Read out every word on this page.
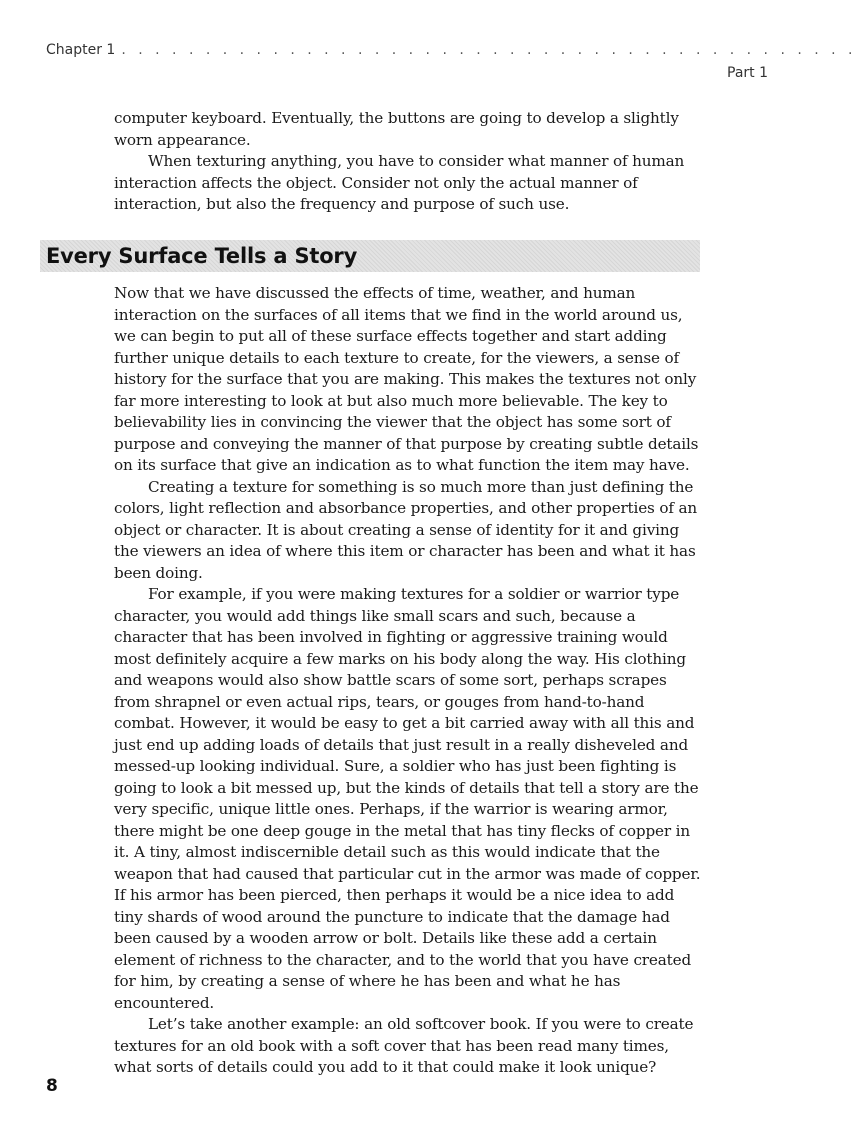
Chapter 1 . . . . . . . . . . . . . . . . . . . . . . . . . . . . . . . . . . . . . . . . . . . .
Part 1

computer keyboard. Eventually, the buttons are going to develop a slightly worn appearance.

When texturing anything, you have to consider what manner of human interaction affects the object. Consider not only the actual manner of interaction, but also the frequency and purpose of such use.

Every Surface Tells a Story

Now that we have discussed the effects of time, weather, and human interaction on the surfaces of all items that we find in the world around us, we can begin to put all of these surface effects together and start adding further unique details to each texture to create, for the viewers, a sense of history for the surface that you are making. This makes the textures not only far more interesting to look at but also much more believable. The key to believability lies in convincing the viewer that the object has some sort of purpose and conveying the manner of that purpose by creating subtle details on its surface that give an indication as to what function the item may have.

Creating a texture for something is so much more than just defining the colors, light reflection and absorbance properties, and other properties of an object or character. It is about creating a sense of identity for it and giving the viewers an idea of where this item or character has been and what it has been doing.

For example, if you were making textures for a soldier or warrior type character, you would add things like small scars and such, because a character that has been involved in fighting or aggressive training would most definitely acquire a few marks on his body along the way. His clothing and weapons would also show battle scars of some sort, perhaps scrapes from shrapnel or even actual rips, tears, or gouges from hand-to-hand combat. However, it would be easy to get a bit carried away with all this and just end up adding loads of details that just result in a really disheveled and messed-up looking individual. Sure, a soldier who has just been fighting is going to look a bit messed up, but the kinds of details that tell a story are the very specific, unique little ones. Perhaps, if the warrior is wearing armor, there might be one deep gouge in the metal that has tiny flecks of copper in it. A tiny, almost indiscernible detail such as this would indicate that the weapon that had caused that particular cut in the armor was made of copper. If his armor has been pierced, then perhaps it would be a nice idea to add tiny shards of wood around the puncture to indicate that the damage had been caused by a wooden arrow or bolt. Details like these add a certain element of richness to the character, and to the world that you have created for him, by creating a sense of where he has been and what he has encountered.

Let’s take another example: an old softcover book. If you were to create textures for an old book with a soft cover that has been read many times, what sorts of details could you add to it that could make it look unique?

8
